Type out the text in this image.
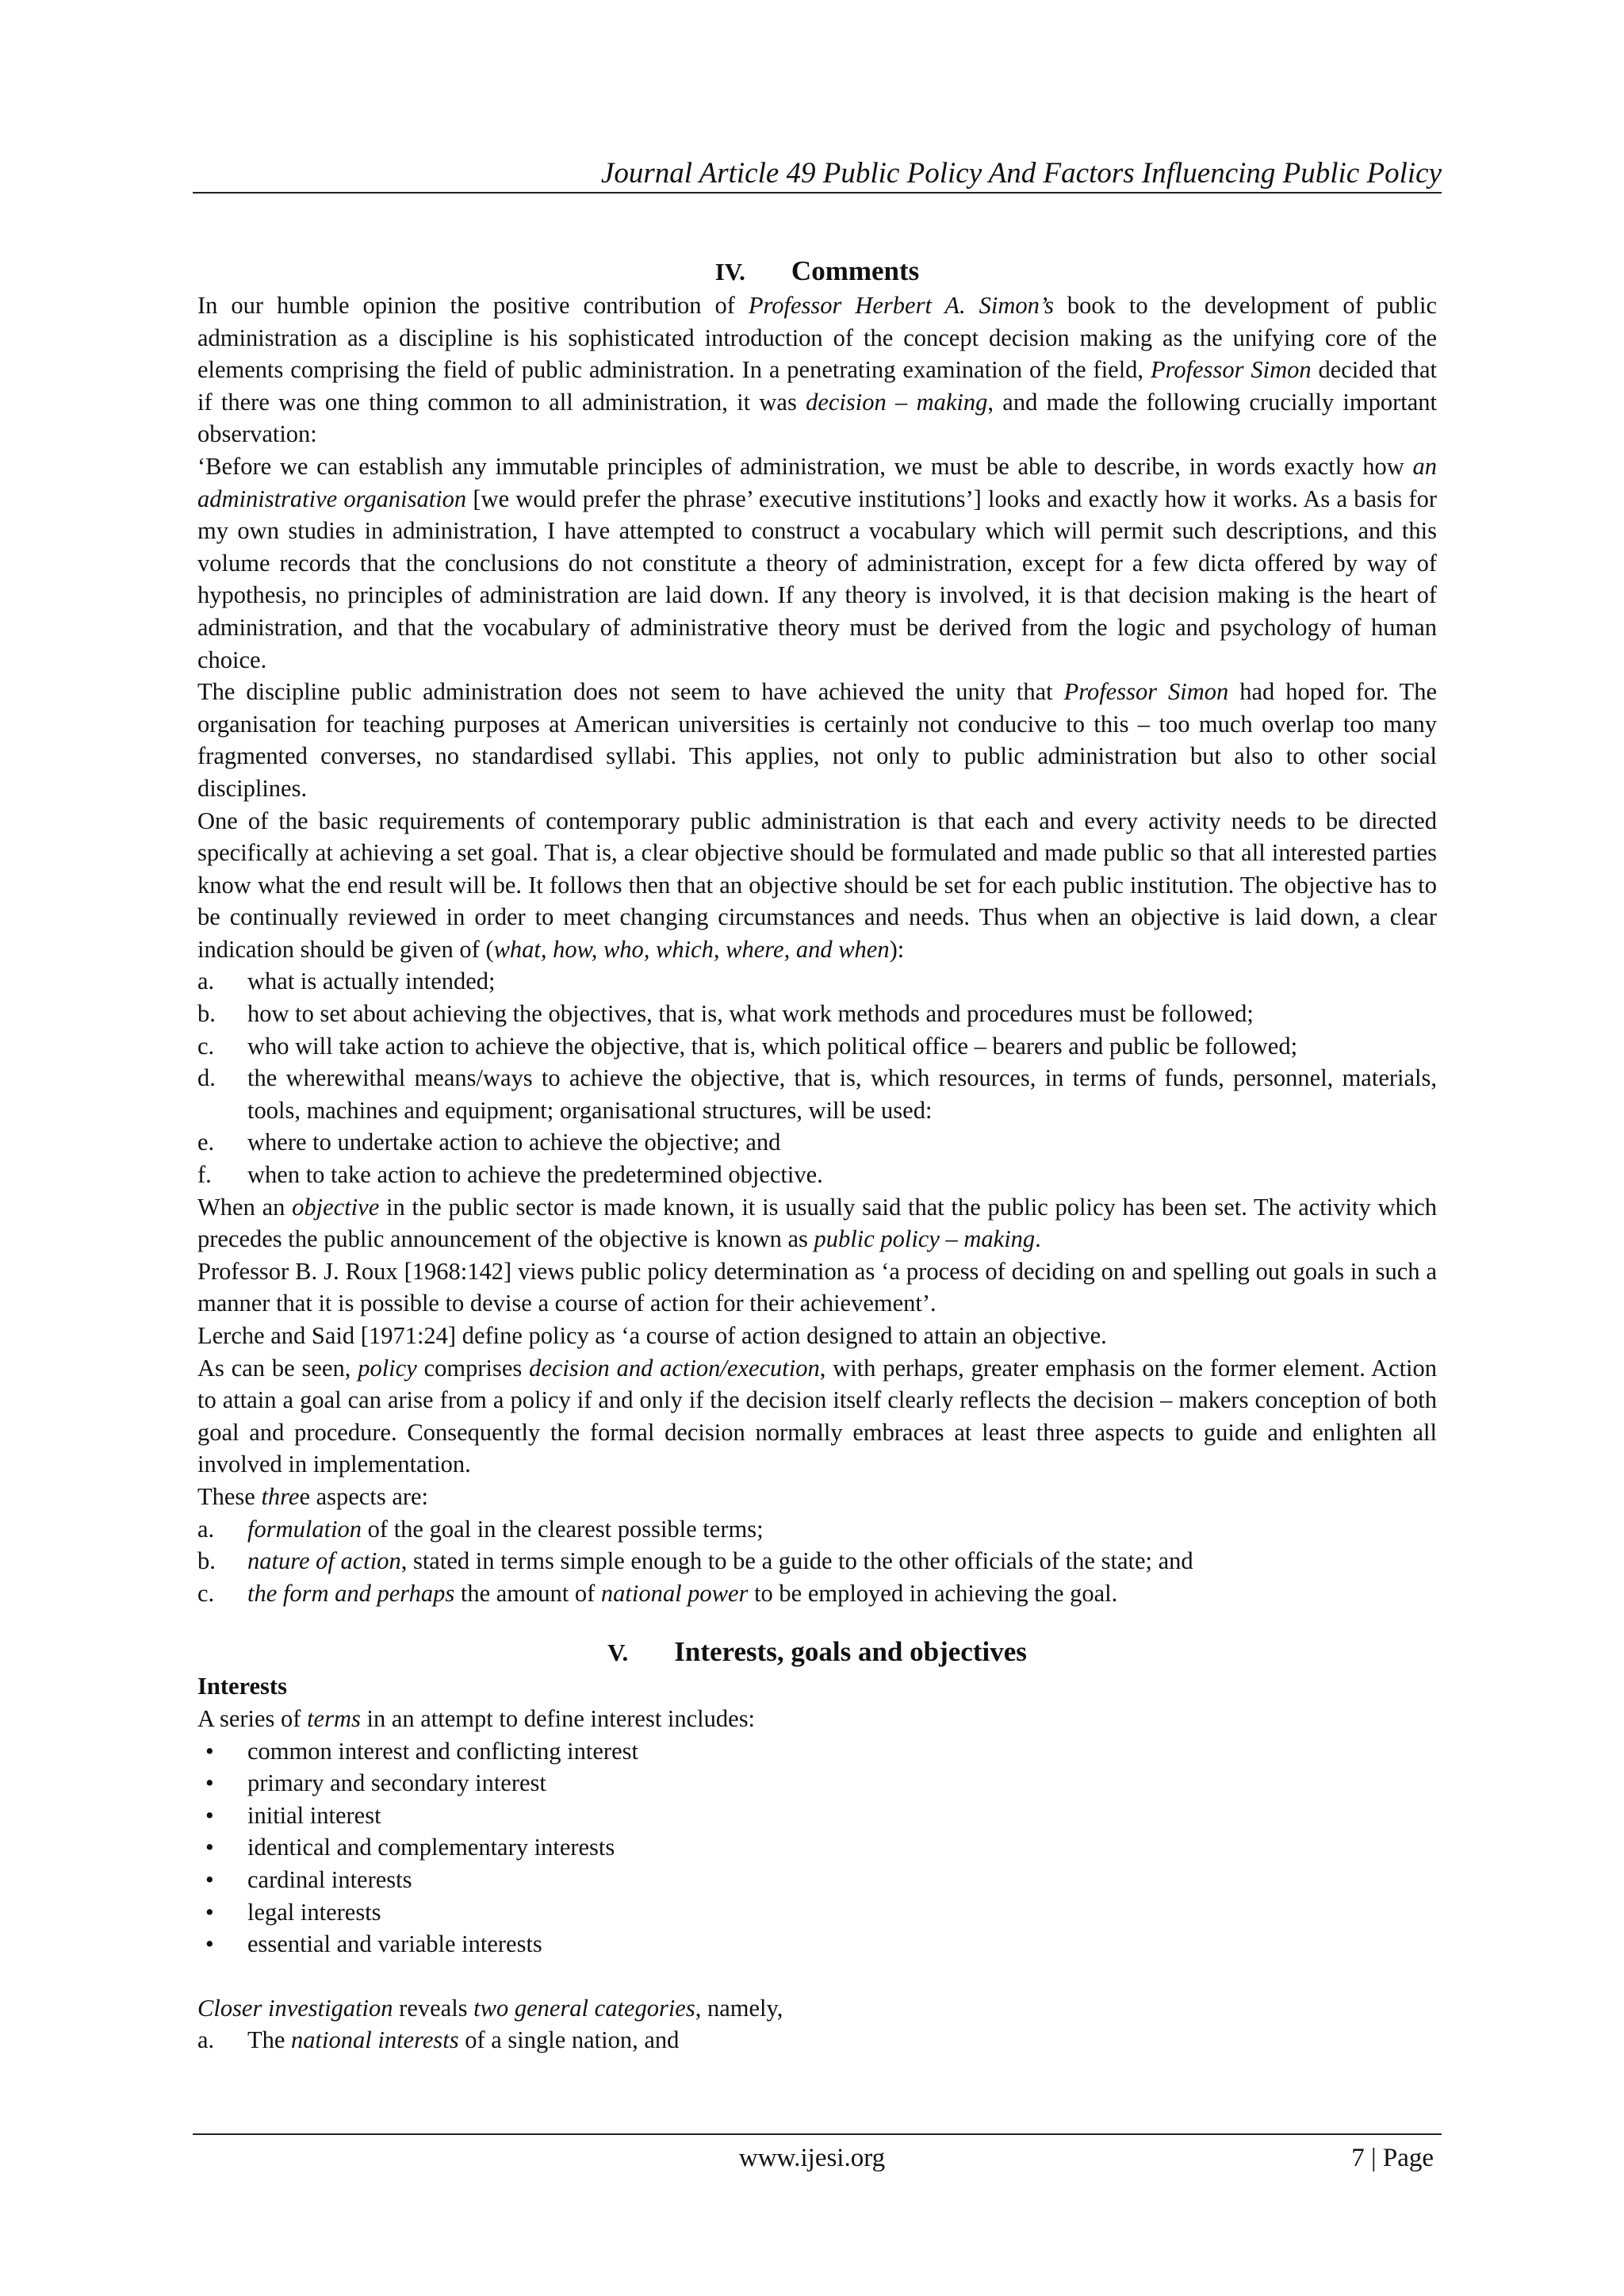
Journal Article 49 Public Policy And Factors Influencing Public Policy
IV. Comments

In our humble opinion the positive contribution of Professor Herbert A. Simon’s book to the development of public administration as a discipline is his sophisticated introduction of the concept decision making as the unifying core of the elements comprising the field of public administration. In a penetrating examination of the field, Professor Simon decided that if there was one thing common to all administration, it was decision – making, and made the following crucially important observation:

‘Before we can establish any immutable principles of administration, we must be able to describe, in words exactly how an administrative organisation [we would prefer the phrase’ executive institutions’] looks and exactly how it works. As a basis for my own studies in administration, I have attempted to construct a vocabulary which will permit such descriptions, and this volume records that the conclusions do not constitute a theory of administration, except for a few dicta offered by way of hypothesis, no principles of administration are laid down. If any theory is involved, it is that decision making is the heart of administration, and that the vocabulary of administrative theory must be derived from the logic and psychology of human choice.

The discipline public administration does not seem to have achieved the unity that Professor Simon had hoped for. The organisation for teaching purposes at American universities is certainly not conducive to this – too much overlap too many fragmented converses, no standardised syllabi. This applies, not only to public administration but also to other social disciplines.

One of the basic requirements of contemporary public administration is that each and every activity needs to be directed specifically at achieving a set goal. That is, a clear objective should be formulated and made public so that all interested parties know what the end result will be. It follows then that an objective should be set for each public institution. The objective has to be continually reviewed in order to meet changing circumstances and needs. Thus when an objective is laid down, a clear indication should be given of (what, how, who, which, where, and when):

a. what is actually intended;
b. how to set about achieving the objectives, that is, what work methods and procedures must be followed;
c. who will take action to achieve the objective, that is, which political office – bearers and public be followed;
d. the wherewithal means/ways to achieve the objective, that is, which resources, in terms of funds, personnel, materials, tools, machines and equipment; organisational structures, will be used:
e. where to undertake action to achieve the objective; and
f. when to take action to achieve the predetermined objective.

When an objective in the public sector is made known, it is usually said that the public policy has been set. The activity which precedes the public announcement of the objective is known as public policy – making.

Professor B. J. Roux [1968:142] views public policy determination as ‘a process of deciding on and spelling out goals in such a manner that it is possible to devise a course of action for their achievement’.

Lerche and Said [1971:24] define policy as ‘a course of action designed to attain an objective.

As can be seen, policy comprises decision and action/execution, with perhaps, greater emphasis on the former element. Action to attain a goal can arise from a policy if and only if the decision itself clearly reflects the decision – makers conception of both goal and procedure. Consequently the formal decision normally embraces at least three aspects to guide and enlighten all involved in implementation.

These three aspects are:

a. formulation of the goal in the clearest possible terms;
b. nature of action, stated in terms simple enough to be a guide to the other officials of the state; and
c. the form and perhaps the amount of national power to be employed in achieving the goal.
V. Interests, goals and objectives

Interests

A series of terms in an attempt to define interest includes:

• common interest and conflicting interest
• primary and secondary interest
• initial interest
• identical and complementary interests
• cardinal interests
• legal interests
• essential and variable interests

Closer investigation reveals two general categories, namely,

a. The national interests of a single nation, and
www.ijesi.org	7 | Page
